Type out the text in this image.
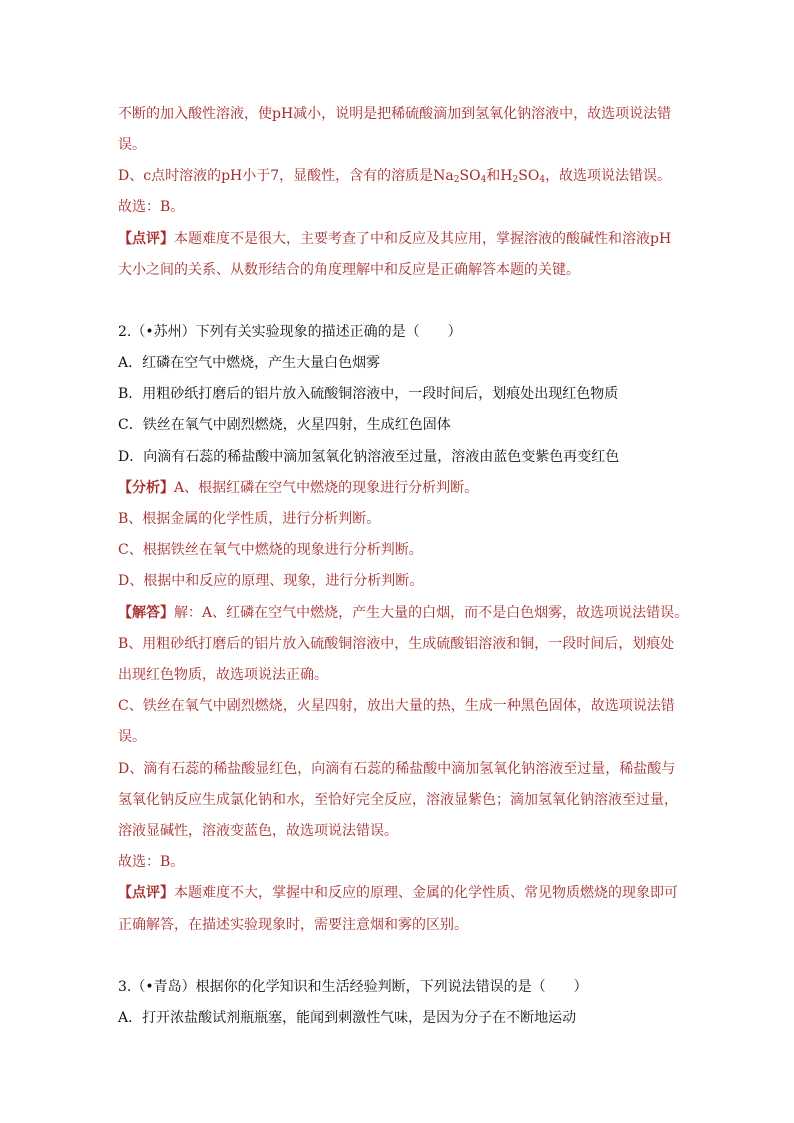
不断的加入酸性溶液，使pH减小，说明是把稀硫酸滴加到氢氧化钠溶液中，故选项说法错
误。
D、c点时溶液的pH小于7，显酸性，含有的溶质是$Na_2SO_4$和$H_2SO_4$，故选项说法错误。
故选：B。
【点评】本题难度不是很大，主要考查了中和反应及其应用，掌握溶液的酸碱性和溶液pH
大小之间的关系、从数形结合的角度理解中和反应是正确解答本题的关键。
2.（•苏州）下列有关实验现象的描述正确的是（　　）
A．红磷在空气中燃烧，产生大量白色烟雾
B．用粗砂纸打磨后的铝片放入硫酸铜溶液中，一段时间后，划痕处出现红色物质
C．铁丝在氧气中剧烈燃烧，火星四射，生成红色固体
D．向滴有石蕊的稀盐酸中滴加氢氧化钠溶液至过量，溶液由蓝色变紫色再变红色
【分析】A、根据红磷在空气中燃烧的现象进行分析判断。
B、根据金属的化学性质，进行分析判断。
C、根据铁丝在氧气中燃烧的现象进行分析判断。
D、根据中和反应的原理、现象，进行分析判断。
【解答】解：A、红磷在空气中燃烧，产生大量的白烟，而不是白色烟雾，故选项说法错误。
B、用粗砂纸打磨后的铝片放入硫酸铜溶液中，生成硫酸铝溶液和铜，一段时间后，划痕处
出现红色物质，故选项说法正确。
C、铁丝在氧气中剧烈燃烧，火星四射，放出大量的热，生成一种黑色固体，故选项说法错
误。
D、滴有石蕊的稀盐酸显红色，向滴有石蕊的稀盐酸中滴加氢氧化钠溶液至过量，稀盐酸与
氢氧化钠反应生成氯化钠和水，至恰好完全反应，溶液显紫色；滴加氢氧化钠溶液至过量，
溶液显碱性，溶液变蓝色，故选项说法错误。
故选：B。
【点评】本题难度不大，掌握中和反应的原理、金属的化学性质、常见物质燃烧的现象即可
正确解答，在描述实验现象时，需要注意烟和雾的区别。
3.（•青岛）根据你的化学知识和生活经验判断，下列说法错误的是（　　）
A．打开浓盐酸试剂瓶瓶塞，能闻到刺激性气味，是因为分子在不断地运动
